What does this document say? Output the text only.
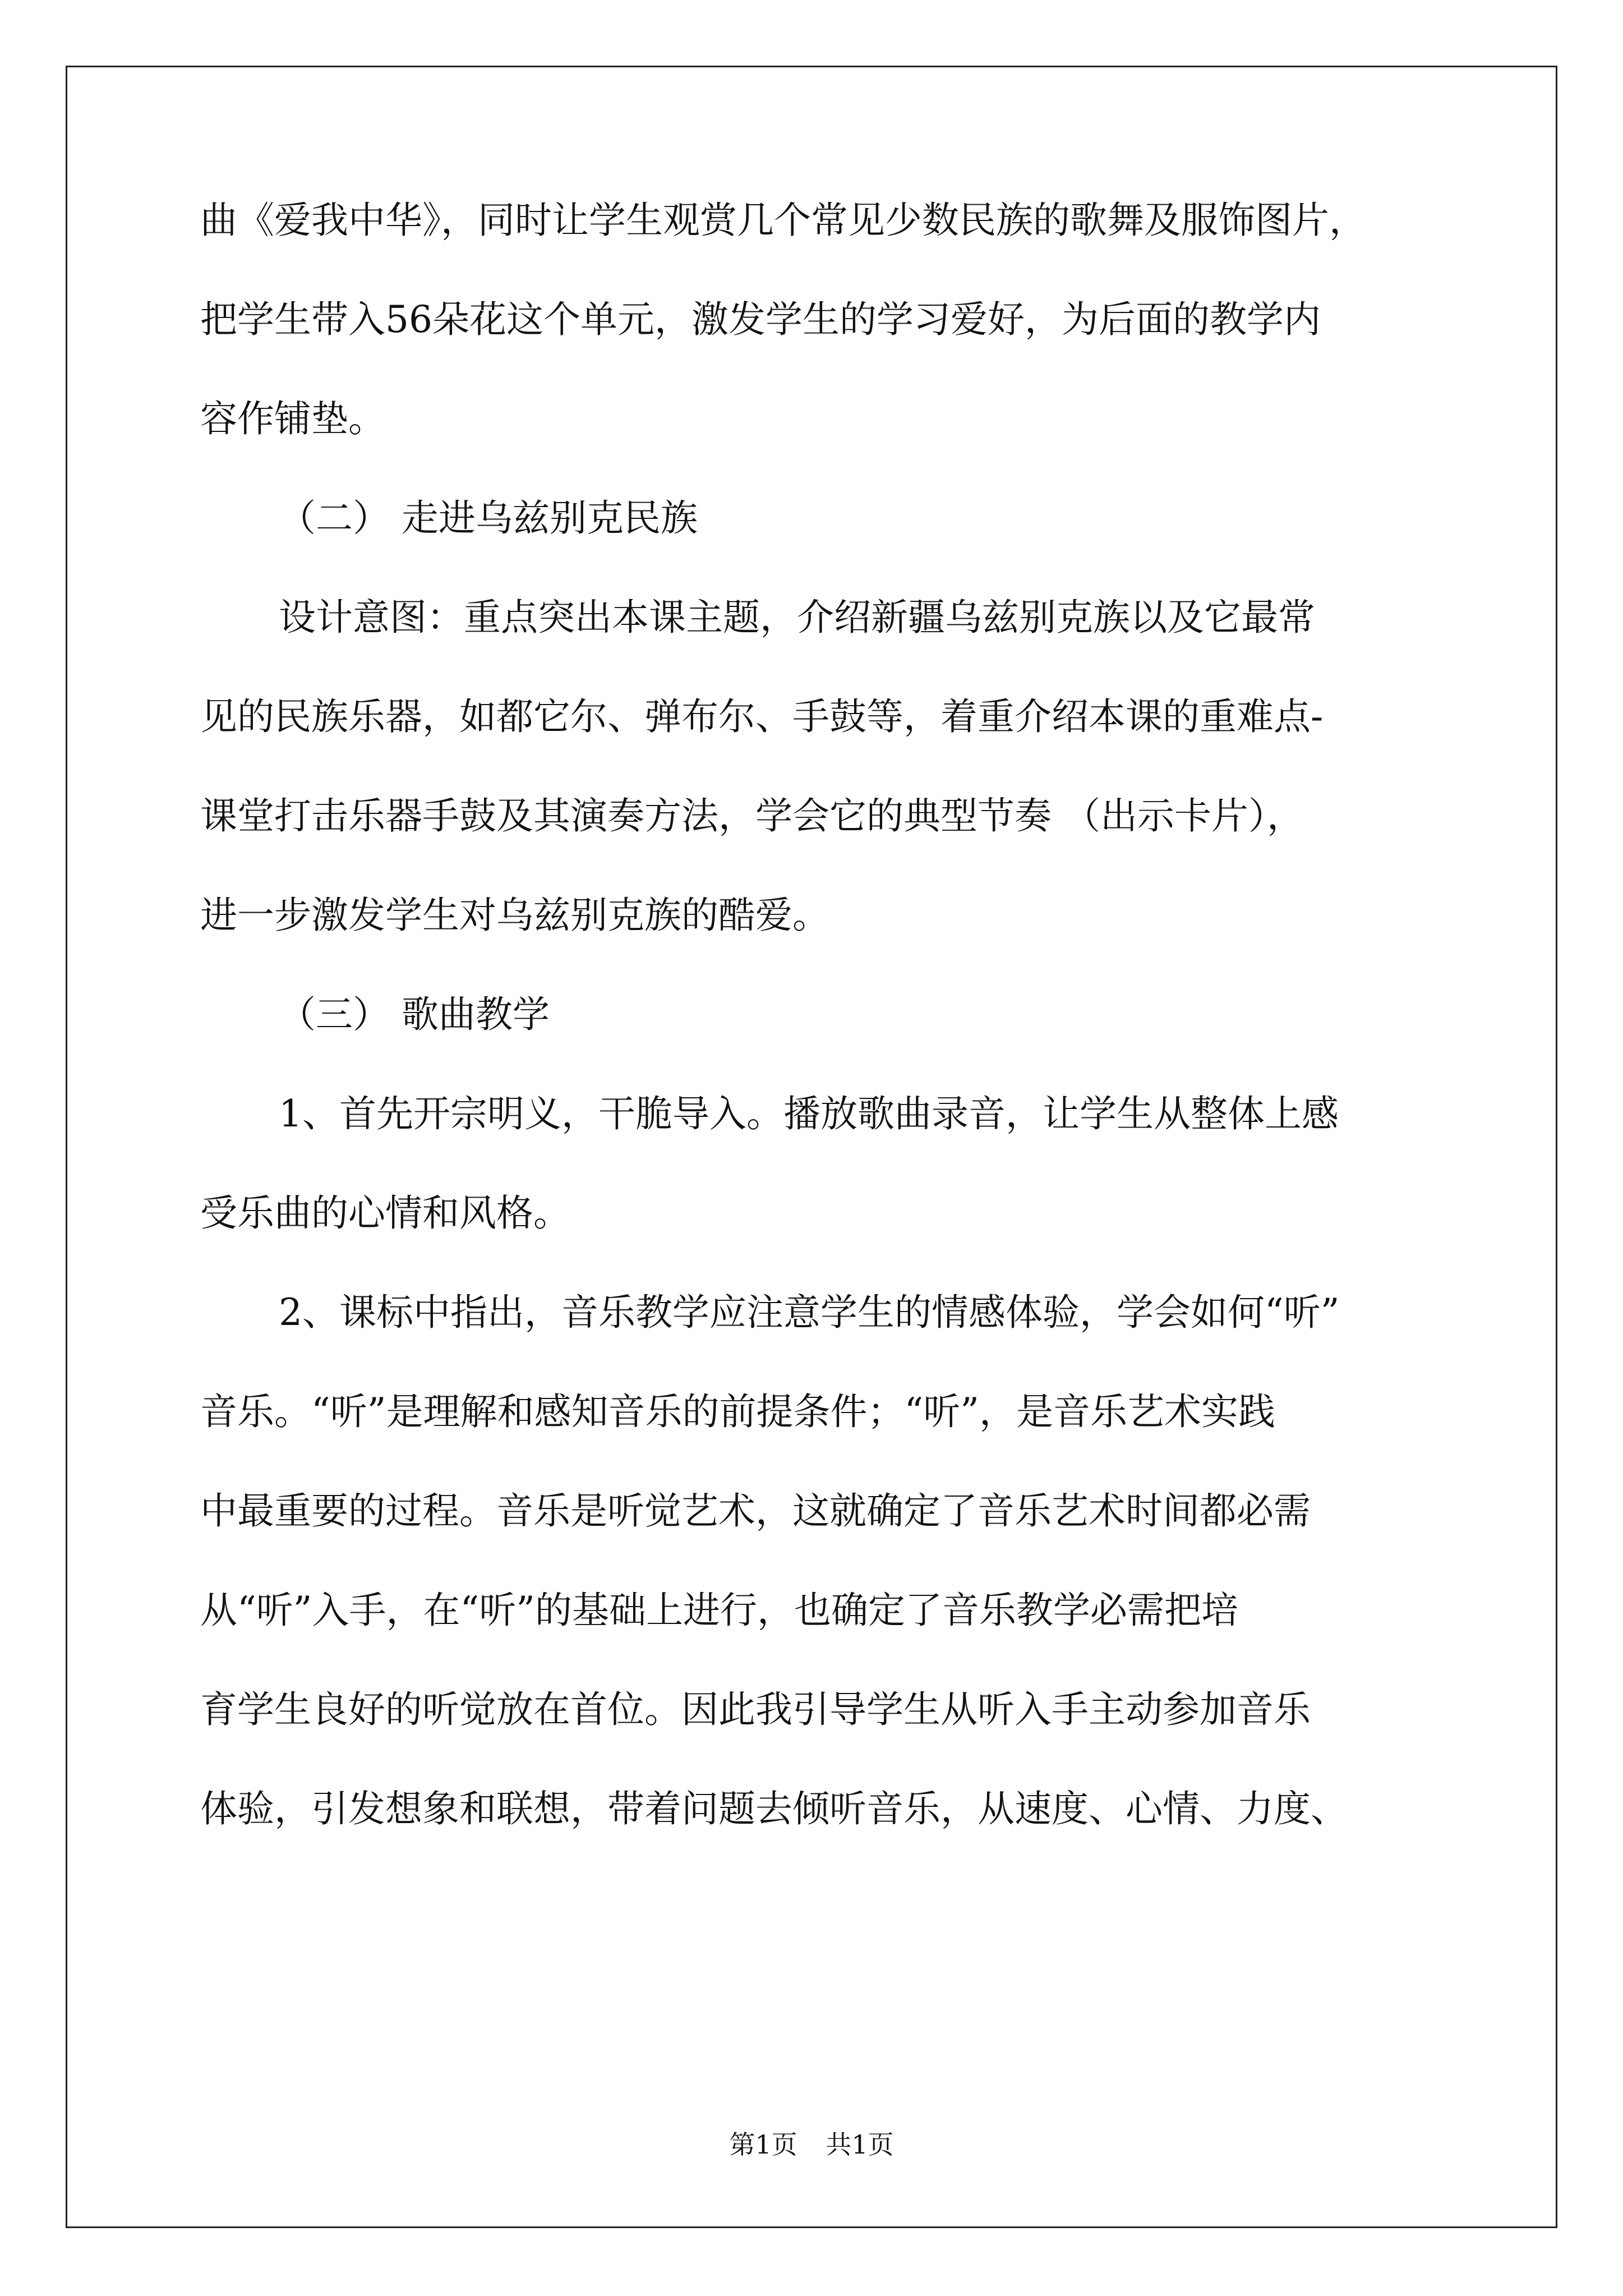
曲《爱我中华》，同时让学生观赏几个常见少数民族的歌舞及服饰图片，
把学生带入56朵花这个单元，激发学生的学习爱好，为后面的教学内
容作铺垫。
（二） 走进乌兹别克民族
设计意图：重点突出本课主题，介绍新疆乌兹别克族以及它最常
见的民族乐器，如都它尔、弹布尔、手鼓等，着重介绍本课的重难点-
课堂打击乐器手鼓及其演奏方法，学会它的典型节奏 （出示卡片），
进一步激发学生对乌兹别克族的酷爱。
（三） 歌曲教学
1、首先开宗明义，干脆导入。播放歌曲录音，让学生从整体上感
受乐曲的心情和风格。
2、课标中指出，音乐教学应注意学生的情感体验，学会如何“听”
音乐。“听”是理解和感知音乐的前提条件；“听”，是音乐艺术实践
中最重要的过程。音乐是听觉艺术，这就确定了音乐艺术时间都必需
从“听”入手，在“听”的基础上进行，也确定了音乐教学必需把培
育学生良好的听觉放在首位。因此我引导学生从听入手主动参加音乐
体验，引发想象和联想，带着问题去倾听音乐，从速度、心情、力度、
第1页 共1页
